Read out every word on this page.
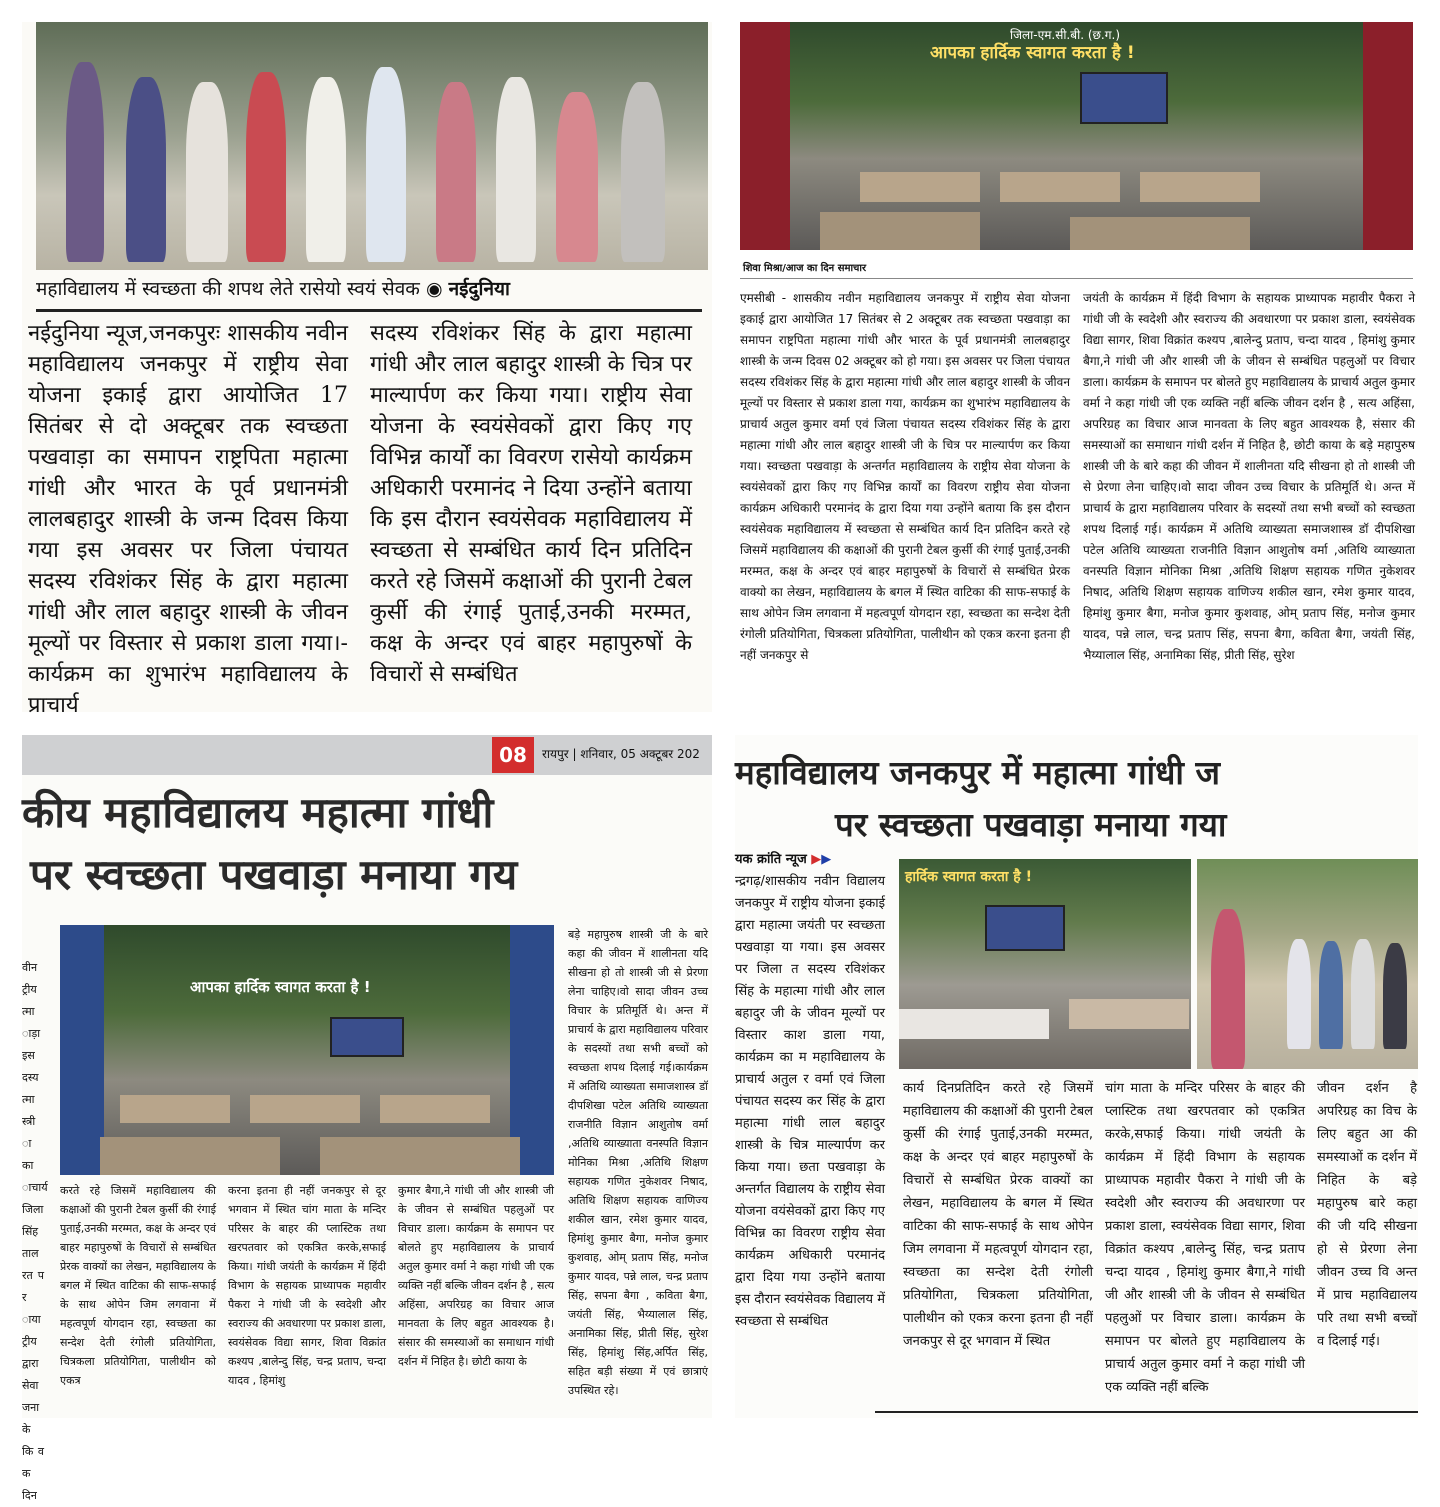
महाविद्यालय में स्वच्छता की शपथ लेते रासेयो स्वयं सेवक ◉ नईदुनिया
नईदुनिया न्यूज,जनकपुरः शासकीय नवीन महाविद्यालय जनकपुर में राष्ट्रीय सेवा योजना इकाई द्वारा आयोजित 17 सितंबर से दो अक्टूबर तक स्वच्छता पखवाड़ा का समापन राष्ट्रपिता महात्मा गांधी और भारत के पूर्व प्रधानमंत्री लालबहादुर शास्त्री के जन्म दिवस किया गया इस अवसर पर जिला पंचायत सदस्य रविशंकर सिंह के द्वारा महात्मा गांधी और लाल बहादुर शास्त्री के जीवन मूल्यों पर विस्तार से प्रकाश डाला गया।- कार्यक्रम का शुभारंभ महाविद्यालय के प्राचार्य
सदस्य रविशंकर सिंह के द्वारा महात्मा गांधी और लाल बहादुर शास्त्री के चित्र पर माल्यार्पण कर किया गया। राष्ट्रीय सेवा योजना के स्वयंसेवकों द्वारा किए गए विभिन्न कार्यों का विवरण रासेयो कार्यक्रम अधिकारी परमानंद ने दिया उन्होंने बताया कि इस दौरान स्वयंसेवक महाविद्यालय में स्वच्छता से सम्बंधित कार्य दिन प्रतिदिन करते रहे जिसमें कक्षाओं की पुरानी टेबल कुर्सी की रंगाई पुताई,उनकी मरम्मत, कक्ष के अन्दर एवं बाहर महापुरुषों के विचारों से सम्बंधित
जिला-एम.सी.बी. (छ.ग.)
आपका हार्दिक स्वागत करता है !
शिवा मिश्रा/आज का दिन समाचार
एमसीबी - शासकीय नवीन महाविद्यालय जनकपुर में राष्ट्रीय सेवा योजना इकाई द्वारा आयोजित 17 सितंबर से 2 अक्टूबर तक स्वच्छता पखवाड़ा का समापन राष्ट्रपिता महात्मा गांधी और भारत के पूर्व प्रधानमंत्री लालबहादुर शास्त्री के जन्म दिवस 02 अक्टूबर को हो गया। इस अवसर पर जिला पंचायत सदस्य रविशंकर सिंह के द्वारा महात्मा गांधी और लाल बहादुर शास्त्री के जीवन मूल्यों पर विस्तार से प्रकाश डाला गया, कार्यक्रम का शुभारंभ महाविद्यालय के प्राचार्य अतुल कुमार वर्मा एवं जिला पंचायत सदस्य रविशंकर सिंह के द्वारा महात्मा गांधी और लाल बहादुर शास्त्री जी के चित्र पर माल्यार्पण कर किया गया। स्वच्छता पखवाड़ा के अन्तर्गत महाविद्यालय के राष्ट्रीय सेवा योजना के स्वयंसेवकों द्वारा किए गए विभिन्न कार्यों का विवरण राष्ट्रीय सेवा योजना कार्यक्रम अधिकारी परमानंद के द्वारा दिया गया उन्होंने बताया कि इस दौरान स्वयंसेवक महाविद्यालय में स्वच्छता से सम्बंधित कार्य दिन प्रतिदिन करते रहे जिसमें महाविद्यालय की कक्षाओं की पुरानी टेबल कुर्सी की रंगाई पुताई,उनकी मरम्मत, कक्ष के अन्दर एवं बाहर महापुरुषों के विचारों से सम्बंधित प्रेरक वाक्यो का लेखन, महाविद्यालय के बगल में स्थित वाटिका की साफ-सफाई के साथ ओपेन जिम लगवाना में महत्वपूर्ण योगदान रहा, स्वच्छता का सन्देश देती रंगोली प्रतियोगिता, चित्रकला प्रतियोगिता, पालीथीन को एकत्र करना इतना ही नहीं जनकपुर से
जयंती के कार्यक्रम में हिंदी विभाग के सहायक प्राध्यापक महावीर पैकरा ने गांधी जी के स्वदेशी और स्वराज्य की अवधारणा पर प्रकाश डाला, स्वयंसेवक विद्या सागर, शिवा विक्रांत कश्यप ,बालेन्दु प्रताप, चन्दा यादव , हिमांशु कुमार बैगा,ने गांधी जी और शास्त्री जी के जीवन से सम्बंधित पहलुओं पर विचार डाला। कार्यक्रम के समापन पर बोलते हुए महाविद्यालय के प्राचार्य अतुल कुमार वर्मा ने कहा गांधी जी एक व्यक्ति नहीं बल्कि जीवन दर्शन है , सत्य अहिंसा, अपरिग्रह का विचार आज मानवता के लिए बहुत आवश्यक है, संसार की समस्याओं का समाधान गांधी दर्शन में निहित है, छोटी काया के बड़े महापुरुष शास्त्री जी के बारे कहा की जीवन में शालीनता यदि सीखना हो तो शास्त्री जी से प्रेरणा लेना चाहिए।वो सादा जीवन उच्च विचार के प्रतिमूर्ति थे। अन्त में प्राचार्य के द्वारा महाविद्यालय परिवार के सदस्यों तथा सभी बच्चों को स्वच्छता शपथ दिलाई गई। कार्यक्रम में अतिथि व्याख्यता समाजशास्त्र डॉ दीपशिखा पटेल अतिथि व्याख्यता राजनीति विज्ञान आशुतोष वर्मा ,अतिथि व्याख्याता वनस्पति विज्ञान मोनिका मिश्रा ,अतिथि शिक्षण सहायक गणित नुकेशवर निषाद, अतिथि शिक्षण सहायक वाणिज्य शकील खान, रमेश कुमार यादव, हिमांशु कुमार बैगा, मनोज कुमार कुशवाह, ओम् प्रताप सिंह, मनोज कुमार यादव, पन्ने लाल, चन्द्र प्रताप सिंह, सपना बैगा, कविता बैगा, जयंती सिंह, भैय्यालाल सिंह, अनामिका सिंह, प्रीती सिंह, सुरेश
08	रायपुर | शनिवार, 05 अक्टूबर 202
कीय महाविद्यालय महात्मा गांधी
पर स्वच्छता पखवाड़ा मनाया गय
वीन ट्रीय त्मा ाड़ा इस दस्य त्मा स्त्री ा का ाचार्य जिला सिंह ताल रत पर ाया ट्रीय द्वारा सेवा जना के कि वक दिन
आपका हार्दिक स्वागत करता है !
करते रहे जिसमें महाविद्यालय की कक्षाओं की पुरानी टेबल कुर्सी की रंगाई पुताई,उनकी मरम्मत, कक्ष के अन्दर एवं बाहर महापुरुषों के विचारों से सम्बंधित प्रेरक वाक्यों का लेखन, महाविद्यालय के बगल में स्थित वाटिका की साफ-सफाई के साथ ओपेन जिम लगवाना में महत्वपूर्ण योगदान रहा, स्वच्छता का सन्देश देती रंगोली प्रतियोगिता, चित्रकला प्रतियोगिता, पालीथीन को एकत्र
करना इतना ही नहीं जनकपुर से दूर भगवान में स्थित चांग माता के मन्दिर परिसर के बाहर की प्लास्टिक तथा खरपतवार को एकत्रित करके,सफाई किया। गांधी जयंती के कार्यक्रम में हिंदी विभाग के सहायक प्राध्यापक महावीर पैकरा ने गांधी जी के स्वदेशी और स्वराज्य की अवधारणा पर प्रकाश डाला, स्वयंसेवक विद्या सागर, शिवा विक्रांत कश्यप ,बालेन्दु सिंह, चन्द्र प्रताप, चन्दा यादव , हिमांशु
कुमार बैगा,ने गांधी जी और शास्त्री जी के जीवन से सम्बंधित पहलुओं पर विचार डाला। कार्यक्रम के समापन पर बोलते हुए महाविद्यालय के प्राचार्य अतुल कुमार वर्मा ने कहा गांधी जी एक व्यक्ति नहीं बल्कि जीवन दर्शन है , सत्य अहिंसा, अपरिग्रह का विचार आज मानवता के लिए बहुत आवश्यक है। संसार की समस्याओं का समाधान गांधी दर्शन में निहित है। छोटी काया के
बड़े महापुरुष शास्त्री जी के बारे कहा की जीवन में शालीनता यदि सीखना हो तो शास्त्री जी से प्रेरणा लेना चाहिए।वो सादा जीवन उच्च विचार के प्रतिमूर्ति थे। अन्त में प्राचार्य के द्वारा महाविद्यालय परिवार के सदस्यों तथा सभी बच्चों को स्वच्छता शपथ दिलाई गई।कार्यक्रम में अतिथि व्याख्यता समाजशास्त्र डॉ दीपशिखा पटेल अतिथि व्याख्यता राजनीति विज्ञान आशुतोष वर्मा ,अतिथि व्याख्याता वनस्पति विज्ञान मोनिका मिश्रा ,अतिथि शिक्षण सहायक गणित नुकेशवर निषाद, अतिथि शिक्षण सहायक वाणिज्य शकील खान, रमेश कुमार यादव, हिमांशु कुमार बैगा, मनोज कुमार कुशवाह, ओम् प्रताप सिंह, मनोज कुमार यादव, पन्ने लाल, चन्द्र प्रताप सिंह, सपना बैगा , कविता बैगा, जयंती सिंह, भैय्यालाल सिंह, अनामिका सिंह, प्रीती सिंह, सुरेश सिंह, हिमांशु सिंह,अर्पित सिंह, सहित बड़ी संख्या में एवं छात्राएं उपस्थित रहे।
महाविद्यालय जनकपुर में महात्मा गांधी ज
पर स्वच्छता पखवाड़ा मनाया गया
यक क्रांति न्यूज ▶▶
न्द्रगढ़/शासकीय नवीन विद्यालय जनकपुर में राष्ट्रीय योजना इकाई द्वारा महात्मा जयंती पर स्वच्छता पखवाड़ा या गया। इस अवसर पर जिला त सदस्य रविशंकर सिंह के महात्मा गांधी और लाल बहादुर जी के जीवन मूल्यों पर विस्तार काश डाला गया, कार्यक्रम का म महाविद्यालय के प्राचार्य अतुल र वर्मा एवं जिला पंचायत सदस्य कर सिंह के द्वारा महात्मा गांधी लाल बहादुर शास्त्री के चित्र माल्यार्पण कर किया गया। छता पखवाड़ा के अन्तर्गत विद्यालय के राष्ट्रीय सेवा योजना वयंसेवकों द्वारा किए गए विभिन्न का विवरण राष्ट्रीय सेवा कार्यक्रम अधिकारी परमानंद द्वारा दिया गया उन्होंने बताया इस दौरान स्वयंसेवक विद्यालय में स्वच्छता से सम्बंधित
हार्दिक स्वागत करता है !
कार्य दिनप्रतिदिन करते रहे जिसमें महाविद्यालय की कक्षाओं की पुरानी टेबल कुर्सी की रंगाई पुताई,उनकी मरम्मत, कक्ष के अन्दर एवं बाहर महापुरुषों के विचारों से सम्बंधित प्रेरक वाक्यों का लेखन, महाविद्यालय के बगल में स्थित वाटिका की साफ-सफाई के साथ ओपेन जिम लगवाना में महत्वपूर्ण योगदान रहा, स्वच्छता का सन्देश देती रंगोली प्रतियोगिता, चित्रकला प्रतियोगिता, पालीथीन को एकत्र करना इतना ही नहीं जनकपुर से दूर भगवान में स्थित
चांग माता के मन्दिर परिसर के बाहर की प्लास्टिक तथा खरपतवार को एकत्रित करके,सफाई किया। गांधी जयंती के कार्यक्रम में हिंदी विभाग के सहायक प्राध्यापक महावीर पैकरा ने गांधी जी के स्वदेशी और स्वराज्य की अवधारणा पर प्रकाश डाला, स्वयंसेवक विद्या सागर, शिवा विक्रांत कश्यप ,बालेन्दु सिंह, चन्द्र प्रताप चन्दा यादव , हिमांशु कुमार बैगा,ने गांधी जी और शास्त्री जी के जीवन से सम्बंधित पहलुओं पर विचार डाला। कार्यक्रम के समापन पर बोलते हुए महाविद्यालय के प्राचार्य अतुल कुमार वर्मा ने कहा गांधी जी एक व्यक्ति नहीं बल्कि
जीवन दर्शन है अपरिग्रह का विच के लिए बहुत आ की समस्याओं क दर्शन में निहित के बड़े महापुरुष बारे कहा की जी यदि सीखना हो से प्रेरणा लेना जीवन उच्च वि अन्त में प्राच महाविद्यालय परि तथा सभी बच्चों व दिलाई गई।
